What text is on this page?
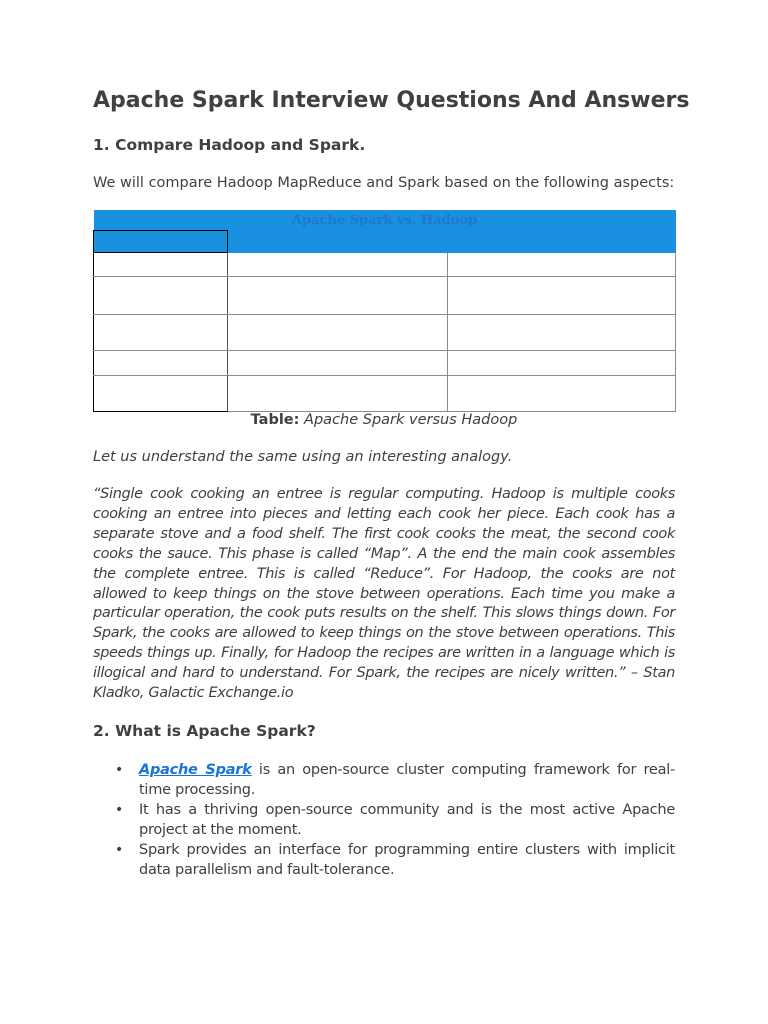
Apache Spark Interview Questions And Answers
1. Compare Hadoop and Spark.

We will compare Hadoop MapReduce and Spark based on the following aspects:

Apache Spark vs. Hadoop		

Table: Apache Spark versus Hadoop
Let us understand the same using an interesting analogy.

“Single cook cooking an entree is regular computing. Hadoop is multiple cooks cooking an entree into pieces and letting each cook her piece. Each cook has a separate stove and a food shelf. The first cook cooks the meat, the second cook cooks the sauce. This phase is called “Map”. A the end the main cook assembles the complete entree. This is called “Reduce”. For Hadoop, the cooks are not allowed to keep things on the stove between operations. Each time you make a particular operation, the cook puts results on the shelf. This slows things down. For Spark, the cooks are allowed to keep things on the stove between operations. This speeds things up. Finally, for Hadoop the recipes are written in a language which is illogical and hard to understand. For Spark, the recipes are nicely written.” – Stan Kladko, Galactic Exchange.io

2. What is Apache Spark?
• Apache Spark is an open-source cluster computing framework for real-time processing.
• It has a thriving open-source community and is the most active Apache project at the moment.
• Spark provides an interface for programming entire clusters with implicit data parallelism and fault-tolerance.
